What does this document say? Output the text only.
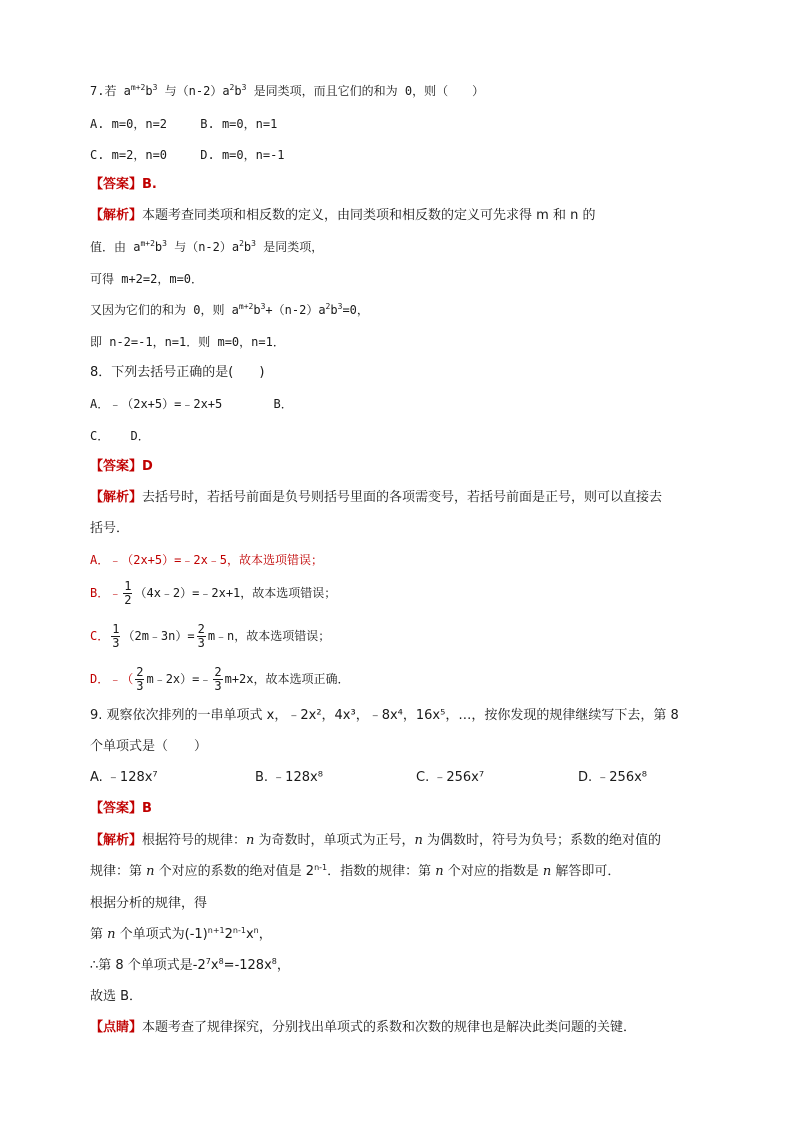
7.若 $a^{m+2}b^3$ 与$(n-2)a^2b^3$ 是同类项，而且它们的和为 0，则（　　）
A. m=0，n=2	B. m=0，n=1
C. m=2，n=0	D. m=0，n=-1
【答案】B.
【解析】本题考查同类项和相反数的定义，由同类项和相反数的定义可先求得 m 和 n 的
值．由 $a^{m+2}b^3$ 与$(n-2)a^2b^3$ 是同类项，
可得 m+2=2，m=0．
又因为它们的和为 0，则 $a^{m+2}b^3+(n-2)a^2b^3=0$，
即 n-2=-1，n=1．则 m=0，n=1．
8．下列去括号正确的是(　　)
A．﹣（2x+5）=﹣2x+5	B．
C． D．
【答案】D
【解析】去括号时，若括号前面是负号则括号里面的各项需变号，若括号前面是正号，则可以直接去
括号．
A．﹣（2x+5）=﹣2x﹣5，故本选项错误；
B．﹣ $\frac{1}{2}$ （4x﹣2）=﹣2x+1，故本选项错误；
C． $\frac{1}{3}$ （2m﹣3n）= $\frac{2}{3}$ m﹣n，故本选项错误；
D．﹣（ $\frac{2}{3}$ m﹣2x）=﹣ $\frac{2}{3} m+2x$，故本选项正确．
9. 观察依次排列的一串单项式 x，﹣2x²，4x³，﹣8x⁴，16x⁵，…，按你发现的规律继续写下去，第 8
个单项式是（　　）
A. ﹣128x⁷	B. ﹣128x⁸	C. ﹣256x⁷	D. ﹣256x⁸
【答案】B
【解析】根据符号的规律：n 为奇数时，单项式为正号，n 为偶数时，符号为负号；系数的绝对值的
规律：第 n 个对应的系数的绝对值是 2$^{n-1}$．指数的规律：第 n 个对应的指数是 n 解答即可．
根据分析的规律，得
第 n 个单项式为$(-1)^{n+1}2^{n-1}x^n$，
∴第 8 个单项式是$-2^7x^8=-128x^8$，
故选 B．
【点睛】本题考查了规律探究，分别找出单项式的系数和次数的规律也是解决此类问题的关键．
